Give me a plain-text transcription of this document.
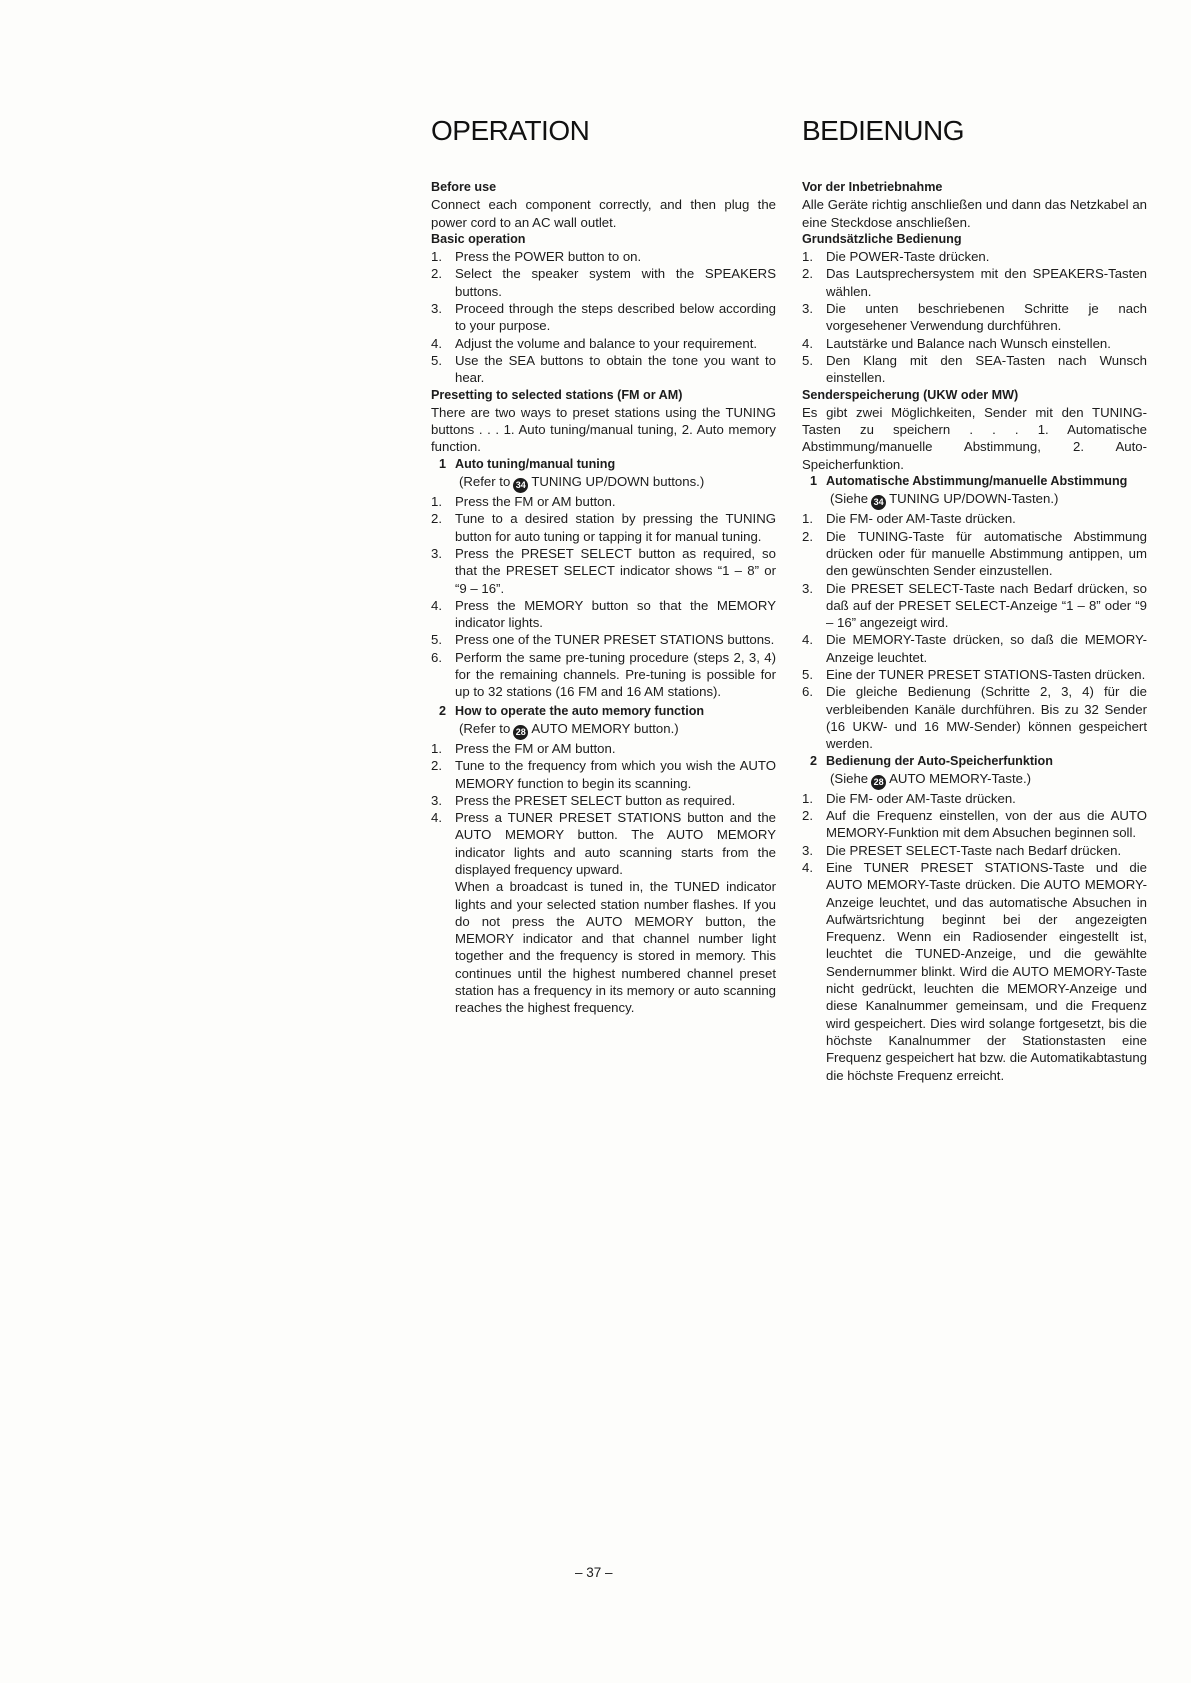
OPERATION
Before use

Connect each component correctly, and then plug the power cord to an AC wall outlet.

Basic operation
1. Press the POWER button to on.
2. Select the speaker system with the SPEAKERS buttons.
3. Proceed through the steps described below according to your purpose.
4. Adjust the volume and balance to your requirement.
5. Use the SEA buttons to obtain the tone you want to hear.
Presetting to selected stations (FM or AM)

There are two ways to preset stations using the TUNING buttons . . . 1. Auto tuning/manual tuning, 2. Auto memory function.

1 Auto tuning/manual tuning
(Refer to 34 TUNING UP/DOWN buttons.)
1. Press the FM or AM button.
2. Tune to a desired station by pressing the TUNING button for auto tuning or tapping it for manual tuning.
3. Press the PRESET SELECT button as required, so that the PRESET SELECT indicator shows “1 – 8” or “9 – 16”.
4. Press the MEMORY button so that the MEMORY indicator lights.
5. Press one of the TUNER PRESET STATIONS buttons.
6. Perform the same pre-tuning procedure (steps 2, 3, 4) for the remaining channels. Pre-tuning is possible for up to 32 stations (16 FM and 16 AM stations).
2 How to operate the auto memory function
(Refer to 28 AUTO MEMORY button.)
1. Press the FM or AM button.
2. Tune to the frequency from which you wish the AUTO MEMORY function to begin its scanning.
3. Press the PRESET SELECT button as required.
4. Press a TUNER PRESET STATIONS button and the AUTO MEMORY button. The AUTO MEMORY indicator lights and auto scanning starts from the displayed frequency upward.

When a broadcast is tuned in, the TUNED indicator lights and your selected station number flashes. If you do not press the AUTO MEMORY button, the MEMORY indicator and that channel number light together and the frequency is stored in memory. This continues until the highest numbered channel preset station has a frequency in its memory or auto scanning reaches the highest frequency.

BEDIENUNG
Vor der Inbetriebnahme

Alle Geräte richtig anschließen und dann das Netzkabel an eine Steckdose anschließen.

Grundsätzliche Bedienung
1. Die POWER-Taste drücken.
2. Das Lautsprechersystem mit den SPEAKERS-Tasten wählen.
3. Die unten beschriebenen Schritte je nach vorgesehener Verwendung durchführen.
4. Lautstärke und Balance nach Wunsch einstellen.
5. Den Klang mit den SEA-Tasten nach Wunsch einstellen.
Senderspeicherung (UKW oder MW)

Es gibt zwei Möglichkeiten, Sender mit den TUNING-Tasten zu speichern . . . 1. Automatische Abstimmung/manuelle Abstimmung, 2. Auto-Speicherfunktion.

1 Automatische Abstimmung/manuelle Abstimmung
(Siehe 34 TUNING UP/DOWN-Tasten.)
1. Die FM- oder AM-Taste drücken.
2. Die TUNING-Taste für automatische Abstimmung drücken oder für manuelle Abstimmung antippen, um den gewünschten Sender einzustellen.
3. Die PRESET SELECT-Taste nach Bedarf drücken, so daß auf der PRESET SELECT-Anzeige “1 – 8” oder “9 – 16” angezeigt wird.
4. Die MEMORY-Taste drücken, so daß die MEMORY-Anzeige leuchtet.
5. Eine der TUNER PRESET STATIONS-Tasten drücken.
6. Die gleiche Bedienung (Schritte 2, 3, 4) für die verbleibenden Kanäle durchführen. Bis zu 32 Sender (16 UKW- und 16 MW-Sender) können gespeichert werden.
2 Bedienung der Auto-Speicherfunktion
(Siehe 28 AUTO MEMORY-Taste.)
1. Die FM- oder AM-Taste drücken.
2. Auf die Frequenz einstellen, von der aus die AUTO MEMORY-Funktion mit dem Absuchen beginnen soll.
3. Die PRESET SELECT-Taste nach Bedarf drücken.
4. Eine TUNER PRESET STATIONS-Taste und die AUTO MEMORY-Taste drücken. Die AUTO MEMORY-Anzeige leuchtet, und das automatische Absuchen in Aufwärtsrichtung beginnt bei der angezeigten Frequenz. Wenn ein Radiosender eingestellt ist, leuchtet die TUNED-Anzeige, und die gewählte Sendernummer blinkt. Wird die AUTO MEMORY-Taste nicht gedrückt, leuchten die MEMORY-Anzeige und diese Kanalnummer gemeinsam, und die Frequenz wird gespeichert. Dies wird solange fortgesetzt, bis die höchste Kanalnummer der Stationstasten eine Frequenz gespeichert hat bzw. die Automatikabtastung die höchste Frequenz erreicht.
– 37 –
